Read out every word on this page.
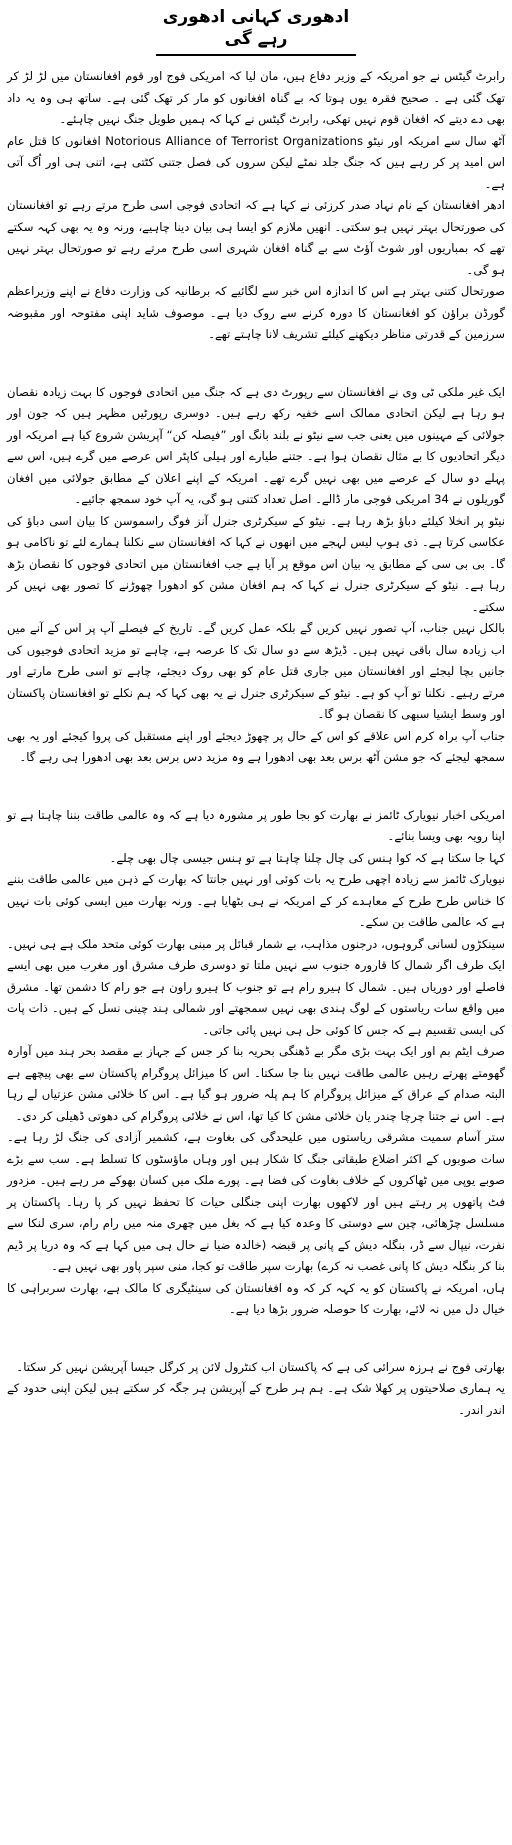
ادھوری کہانی ادھوری رہے گی

رابرٹ گیٹس نے جو امریکہ کے وزیر دفاع ہیں، مان لیا کہ امریکی فوج اور قوم افغانستان میں لڑ لڑ کر تھک گئی ہے ۔ صحیح فقرہ یوں ہوتا کہ بے گناہ افغانوں کو مار کر تھک گئی ہے۔ ساتھ ہی وہ یہ داد بھی دے دیتے کہ افغان قوم نہیں تھکی، رابرٹ گیٹس نے کہا کہ ہمیں طویل جنگ نہیں چاہئے۔

آٹھ سال سے امریکہ اور نیٹو Notorious Alliance of Terrorist Organizations افغانوں کا قتل عام اس امید پر کر رہے ہیں کہ جنگ جلد نمٹے لیکن سروں کی فصل جتنی کٹتی ہے، اتنی ہی اور اُگ آتی ہے۔

ادھر افغانستان کے نام نہاد صدر کرزئی نے کہا ہے کہ اتحادی فوجی اسی طرح مرتے رہے تو افغانستان کی صورتحال بہتر نہیں ہو سکتی۔ انھیں ملازم کو ایسا ہی بیان دینا چاہیے، ورنہ وہ یہ بھی کہہ سکتے تھے کہ بمباریوں اور شوٹ آؤٹ سے بے گناہ افغان شہری اسی طرح مرتے رہے تو صورتحال بہتر نہیں ہو گی۔

صورتحال کتنی بہتر ہے اس کا اندازہ اس خبر سے لگائیے کہ برطانیہ کی وزارت دفاع نے اپنے وزیراعظم گورڈن براؤن کو افغانستان کا دورہ کرنے سے روک دیا ہے۔ موصوف شاید اپنی مفتوحہ اور مقبوضہ سرزمین کے قدرتی مناظر دیکھنے کیلئے تشریف لانا چاہتے تھے۔

ایک غیر ملکی ٹی وی نے افغانستان سے رپورٹ دی ہے کہ جنگ میں اتحادی فوجوں کا بہت زیادہ نقصان ہو رہا ہے لیکن اتحادی ممالک اسے خفیہ رکھ رہے ہیں۔ دوسری رپورٹیں مظہر ہیں کہ جون اور جولائی کے مہینوں میں یعنی جب سے نیٹو نے بلند بانگ اور ”فیصلہ کن“ آپریشن شروع کیا ہے امریکہ اور دیگر اتحادیوں کا بے مثال نقصان ہوا ہے۔ جتنے طیارے اور ہیلی کاپٹر اس عرصے میں گرے ہیں، اس سے پہلے دو سال کے عرصے میں بھی نہیں گرے تھے۔ امریکہ کے اپنے اعلان کے مطابق جولائی میں افغان گوریلوں نے 34 امریکی فوجی مار ڈالے۔ اصل تعداد کتنی ہو گی، یہ آپ خود سمجھ جائیے۔

نیٹو پر انخلا کیلئے دباؤ بڑھ رہا ہے۔ نیٹو کے سیکرٹری جنرل آنز فوگ راسموسن کا بیان اسی دباؤ کی عکاسی کرتا ہے۔ ذی ہوپ لیس لہجے میں انھوں نے کہا کہ افغانستان سے نکلنا ہمارے لئے تو ناکامی ہو گا۔ بی بی سی کے مطابق یہ بیان اس موقع پر آیا ہے جب افغانستان میں اتحادی فوجوں کا نقصان بڑھ رہا ہے۔ نیٹو کے سیکرٹری جنرل نے کہا کہ ہم افغان مشن کو ادھورا چھوڑنے کا تصور بھی نہیں کر سکتے۔

بالکل نہیں جناب، آپ تصور نہیں کریں گے بلکہ عمل کریں گے۔ تاریخ کے فیصلے آپ پر اس کے آنے میں اب زیادہ سال باقی نہیں ہیں۔ ڈیڑھ سے دو سال تک کا عرصہ ہے، چاہے تو مزید اتحادی فوجیوں کی جانیں بچا لیجئے اور افغانستان میں جاری قتل عام کو بھی روک دیجئے، چاہے تو اسی طرح مارتے اور مرتے رہیے۔ نکلنا تو آپ کو ہے۔ نیٹو کے سیکرٹری جنرل نے یہ بھی کہا کہ ہم نکلے تو افغانستان پاکستان اور وسط ایشیا سبھی کا نقصان ہو گا۔

جناب آپ براہ کرم اس علاقے کو اس کے حال پر چھوڑ دیجئے اور اپنے مستقبل کی پروا کیجئے اور یہ بھی سمجھ لیجئے کہ جو مشن آٹھ برس بعد بھی ادھورا ہے وہ مزید دس برس بعد بھی ادھورا ہی رہے گا۔

امریکی اخبار نیویارک ٹائمز نے بھارت کو بجا طور پر مشورہ دیا ہے کہ وہ عالمی طاقت بننا چاہتا ہے تو اپنا رویہ بھی ویسا بنائے۔

کہا جا سکتا ہے کہ کوا ہنس کی چال چلنا چاہتا ہے تو ہنس جیسی چال بھی چلے۔

نیویارک ٹائمز سے زیادہ اچھی طرح یہ بات کوئی اور نہیں جانتا کہ بھارت کے ذہن میں عالمی طاقت بننے کا خناس طرح طرح کے معاہدے کر کے امریکہ نے ہی بٹھایا ہے۔ ورنہ بھارت میں ایسی کوئی بات نہیں ہے کہ عالمی طاقت بن سکے۔

سینکڑوں لسانی گروہوں، درجنوں مذاہب، بے شمار قبائل پر مبنی بھارت کوئی متحد ملک ہے ہی نہیں۔ ایک طرف اگر شمال کا قارورہ جنوب سے نہیں ملتا تو دوسری طرف مشرق اور مغرب میں بھی ایسے فاصلے اور دوریاں ہیں۔ شمال کا ہیرو رام ہے تو جنوب کا ہیرو راون ہے جو رام کا دشمن تھا۔ مشرق میں واقع سات ریاستوں کے لوگ ہندی بھی نہیں سمجھتے اور شمالی ہند چینی نسل کے ہیں۔ ذات پات کی ایسی تقسیم ہے کہ جس کا کوئی حل ہی نہیں پائی جاتی۔

صرف ایٹم بم اور ایک بہت بڑی مگر بے ڈھنگی بحریہ بنا کر جس کے جہاز بے مقصد بحر ہند میں آوارہ گھومتے پھرتے رہیں عالمی طاقت نہیں بنا جا سکتا۔ اس کا میزائل پروگرام پاکستان سے بھی پیچھے ہے البتہ صدام کے عراق کے میزائل پروگرام کا ہم پلہ ضرور ہو گیا ہے۔ اس کا خلائی مشن عزتیاں لے رہا ہے۔ اس نے جتنا چرچا چندر یان خلائی مشن کا کیا تھا، اس نے خلائی پروگرام کی دھوتی ڈھیلی کر دی۔

ستر آسام سمیت مشرقی ریاستوں میں علیحدگی کی بغاوت ہے، کشمیر آزادی کی جنگ لڑ رہا ہے۔ سات صوبوں کے اکثر اضلاع طبقاتی جنگ کا شکار ہیں اور وہاں ماؤسٹوں کا تسلط ہے۔ سب سے بڑے صوبے یوپی میں ٹھاکروں کے خلاف بغاوت کی فضا ہے۔ پورے ملک میں کسان بھوکے مر رہے ہیں۔ مزدور فٹ پاتھوں پر رہتے ہیں اور لاکھوں بھارت اپنی جنگلی حیات کا تحفظ نہیں کر پا رہا۔ پاکستان پر مسلسل چڑھائی، چین سے دوستی کا وعدہ کیا ہے کہ بغل میں چھری منہ میں رام رام، سری لنکا سے نفرت، نیپال سے ڈر، بنگلہ دیش کے پانی پر قبضہ (خالدہ ضیا نے حال ہی میں کہا ہے کہ وہ دریا پر ڈیم بنا کر بنگلہ دیش کا پانی غصب نہ کرے) بھارت سپر طاقت تو کجا، منی سپر پاور بھی نہیں ہے۔

ہاں، امریکہ نے پاکستان کو یہ کہہ کر کہ وہ افغانستان کی سینٹیگری کا مالک ہے، بھارت سربراہی کا خیال دل میں نہ لائے، بھارت کا حوصلہ ضرور بڑھا دیا ہے۔

بھارتی فوج نے ہرزہ سرائی کی ہے کہ پاکستان اب کنٹرول لائن پر کرگل جیسا آپریشن نہیں کر سکتا۔

یہ ہماری صلاحیتوں پر کھلا شک ہے۔ ہم ہر طرح کے آپریشن ہر جگہ کر سکتے ہیں لیکن اپنی حدود کے اندر اندر۔
